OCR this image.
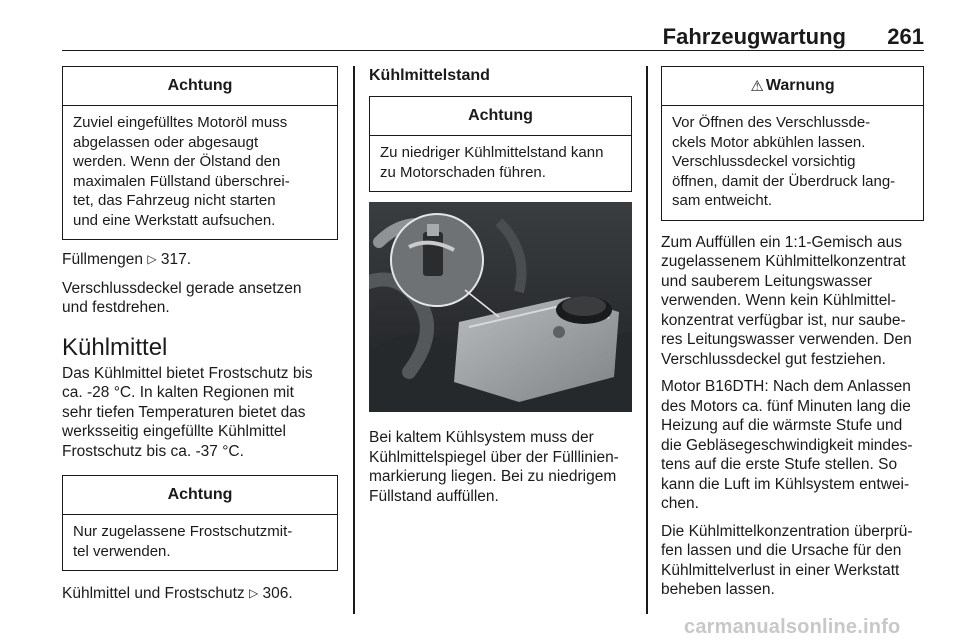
Fahrzeugwartung 261
Achtung
Zuviel eingefülltes Motoröl muss
abgelassen oder abgesaugt
werden. Wenn der Ölstand den
maximalen Füllstand überschrei‑
tet, das Fahrzeug nicht starten
und eine Werkstatt aufsuchen.

Füllmengen ▷ 317.

Verschlussdeckel gerade ansetzen
und festdrehen.

Kühlmittel

Das Kühlmittel bietet Frostschutz bis
ca. -28 °C. In kalten Regionen mit
sehr tiefen Temperaturen bietet das
werksseitig eingefüllte Kühlmittel
Frostschutz bis ca. -37 °C.

Achtung
Nur zugelassene Frostschutzmit‑
tel verwenden.

Kühlmittel und Frostschutz ▷ 306.

Kühlmittelstand

Achtung
Zu niedriger Kühlmittelstand kann
zu Motorschaden führen.

Bei kaltem Kühlsystem muss der
Kühlmittelspiegel über der Fülllinien‑
markierung liegen. Bei zu niedrigem
Füllstand auffüllen.

⚠ Warnung
Vor Öffnen des Verschlussde‑
ckels Motor abkühlen lassen.
Verschlussdeckel vorsichtig
öffnen, damit der Überdruck lang‑
sam entweicht.

Zum Auffüllen ein 1:1-Gemisch aus
zugelassenem Kühlmittelkonzentrat
und sauberem Leitungswasser
verwenden. Wenn kein Kühlmittel‑
konzentrat verfügbar ist, nur saube‑
res Leitungswasser verwenden. Den
Verschlussdeckel gut festziehen.

Motor B16DTH: Nach dem Anlassen
des Motors ca. fünf Minuten lang die
Heizung auf die wärmste Stufe und
die Gebläsegeschwindigkeit mindes‑
tens auf die erste Stufe stellen. So
kann die Luft im Kühlsystem entwei‑
chen.

Die Kühlmittelkonzentration überprü‑
fen lassen und die Ursache für den
Kühlmittelverlust in einer Werkstatt
beheben lassen.

carmanualsonline.info
